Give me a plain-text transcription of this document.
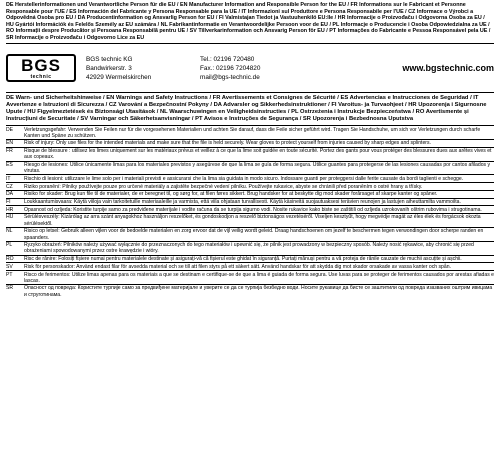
DE Herstellerinformationen und Verantwortliche Person für die EU / EN Manufacturer Information and Responsible Person for the EU / FR Informations sur le Fabricant et Personne Responsable pour l'UE / ES Información del Fabricante y Persona Responsable para la UE / IT Informazioni sul Produttore e Persona Responsabile per l'UE / CZ Informace o Výrobci a Odpovědná Osoba pro EU / DA Producentinformation og Ansvarlig Person for EU / FI Valmistajan Tiedot ja Vastuuhenkilö EU:lle / HR Informacije o Proizvođaču i Odgovorna Osoba za EU / HU Gyártói Információk és Felelős Személy az EU számára / NL Fabrikantinformatie en Verantwoordelijke Persoon voor de EU / PL Informacje o Producencie i Osoba Odpowiedzialna za UE / RO Informații despre Producător și Persoana Responsabilă pentru UE / SV Tillverkarinformation och Ansvarig Person för EU / PT Informações do Fabricante e Pessoa Responsável pela UE / SR Informacije o Proizvođaču i Odgovorno Lice za EU
BGS
technic
BGS technic KG
Bandwirkerstr. 3
42929 Wermelskirchen
Tel.: 02196 720480
Fax.: 02196 7204820
mail@bgs-technic.de
www.bgstechnic.com
DE Warn- und Sicherheitshinweise / EN Warnings and Safety Instructions / FR Avertissements et Consignes de Sécurité / ES Advertencias e Instrucciones de Seguridad / IT Avvertenze e Istruzioni di Sicurezza / CZ Varování a Bezpečnostní Pokyny / DA Advarsler og Sikkerhedsinstruktioner / FI Varoitus- ja Turvaohjeet / HR Upozorenja i Sigurnosne Upute / HU Figyelmeztetések és Biztonsági Utasítások / NL Waarschuwingen en Veiligheidsinstructies / PL Ostrzeżenia i Instrukcje Bezpieczeństwa / RO Avertismente și Instrucțiuni de Securitate / SV Varningar och Säkerhetsanvisningar / PT Avisos e Instruções de Segurança / SR Upozorenja i Bezbednosna Uputstva
DE	Verletzungsgefahr: Verwenden Sie Feilen nur für die vorgesehenen Materialien und achten Sie darauf, dass die Feile sicher geführt wird. Tragen Sie Handschuhe, um sich vor Verletzungen durch scharfe Kanten und Späne zu schützen.
EN	Risk of injury: Only use files for the intended materials and make sure that the file is held securely. Wear gloves to protect yourself from injuries caused by sharp edges and splinters.
FR	Risque de blessure : utilisez les limes uniquement sur les matériaux prévus et veillez à ce que la lime soit guidée en toute sécurité. Portez des gants pour vous protéger des blessures dues aux arêtes vives et aux copeaux.
ES	Riesgo de lesiones: Utilice únicamente limas para los materiales previstos y asegúrese de que la lima se guía de forma segura. Utilice guantes para protegerse de las lesiones causadas por cantos afilados y virutas.
IT	Rischio di lesioni: utilizzare le lime solo per i materiali previsti e assicurarsi che la lima sia guidata in modo sicuro. Indossare guanti per proteggersi dalle ferite causate da bordi taglienti e schegge.
CZ	Riziko poranění: Pilníky používejte pouze pro určené materiály a zajistěte bezpečné vedení pilníku. Používejte rukavice, abyste se chránili před poraněním o ostré hrany a třísky.
DA	Risiko for skader: Brug kun file til de materialer, de er beregnet til, og sørg for, at filen føres sikkert. Brug handsker for at beskytte dig mod skader forårsaget af skarpe kanter og spåner.
FI	Loukkaantumisvaara: Käytä viiloja vain tarkoitetuille materiaaleille ja varmista, että viila ohjataan turvallisesti. Käytä käsineitä suojautuaksesi terävien reunojen ja lastujen aiheuttamilta vammoilta.
HR	Opasnost od ozljeda: Koristite turpije samo za predviđene materijale i vodite računa da se turpija sigurno vodi. Nosite rukavice kako biste se zaštitili od ozljeda uzrokovanih oštrim rubovima i strugotinama.
HU	Sérülésveszély: Kizárólag az arra szánt anyagokhoz használjon reszelőket, és gondoskodjon a reszelő biztonságos vezetéséről. Viseljen kesztyűt, hogy megvédje magát az éles élek és forgácsok okozta sérülésektől.
NL	Risico op letsel: Gebruik alleen vijlen voor de bedoelde materialen en zorg ervoor dat de vijl veilig wordt geleid. Draag handschoenen om jezelf te beschermen tegen verwondingen door scherpe randen en spaanders.
PL	Ryzyko obrażeń: Pilników należy używać wyłącznie do przeznaczonych do tego materiałów i upewnić się, że pilnik jest prowadzony w bezpieczny sposób. Należy nosić rękawice, aby chronić się przed obrażeniami spowodowanymi przez ostre krawędzie i wióry.
RO	Risc de rănire: Folosiți fișiere numai pentru materialele destinate și asigurați-vă că fișierul este ghidat în siguranță. Purtați mănuși pentru a vă proteja de rănile cauzate de muchii ascuțite și așchii.
SV	Risk för personskador: Använd endast filar för avsedda material och se till att filen styrs på ett säkert sätt. Använd handskar för att skydda dig mot skador orsakade av vassa kanter och spån.
PT	Risco de ferimentos: Utilize limas apenas para os materiais a que se destinam e certifique-se de que a lima é guiada de forma segura. Use luvas para se proteger de ferimentos causados por arestas afiadas e lascas.
SR	Опасност од повреда: Користите турпије само за предвиђене материјале и уверите се да се турпија безбедно води. Носите рукавице да бисте се заштитили од повреда изазваних оштрим ивицама и струготинама.
